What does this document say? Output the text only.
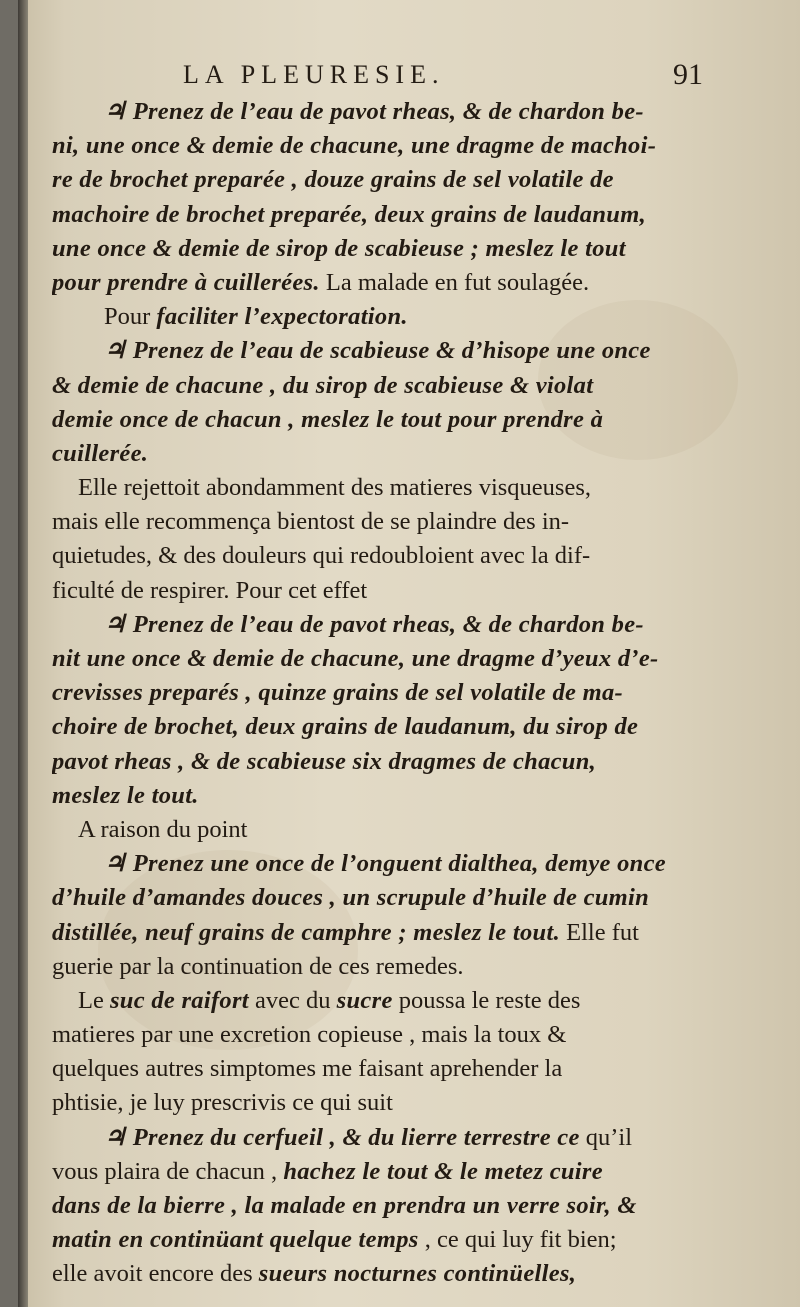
LA PLEURESIE.	91
♃ Prenez de l’eau de pavot rheas, & de chardon be-
ni, une once & demie de chacune, une dragme de machoi-
re de brochet preparée , douze grains de sel volatile de
machoire de brochet preparée, deux grains de laudanum,
une once & demie de sirop de scabieuse ; meslez le tout
pour prendre à cuillerées. La malade en fut soulagée.
Pour faciliter l’expectoration.
♃ Prenez de l’eau de scabieuse & d’hisope une once
& demie de chacune , du sirop de scabieuse & violat
demie once de chacun , meslez le tout pour prendre à
cuillerée.
Elle rejettoit abondamment des matieres visqueuses,
mais elle recommença bientost de se plaindre des in-
quietudes, & des douleurs qui redoubloient avec la dif-
ficulté de respirer. Pour cet effet
♃ Prenez de l’eau de pavot rheas, & de chardon be-
nit une once & demie de chacune, une dragme d’yeux d’e-
crevisses preparés , quinze grains de sel volatile de ma-
choire de brochet, deux grains de laudanum, du sirop de
pavot rheas , & de scabieuse six dragmes de chacun,
meslez le tout.
A raison du point
♃ Prenez une once de l’onguent dialthea, demye once
d’huile d’amandes douces , un scrupule d’huile de cumin
distillée, neuf grains de camphre ; meslez le tout. Elle fut
guerie par la continuation de ces remedes.
Le suc de raifort avec du sucre poussa le reste des
matieres par une excretion copieuse , mais la toux &
quelques autres simptomes me faisant aprehender la
phtisie, je luy prescrivis ce qui suit
♃ Prenez du cerfueil , & du lierre terrestre ce qu’il
vous plaira de chacun , hachez le tout & le metez cuire
dans de la bierre , la malade en prendra un verre soir, &
matin en continüant quelque temps , ce qui luy fit bien;
elle avoit encore des sueurs nocturnes continüelles,
